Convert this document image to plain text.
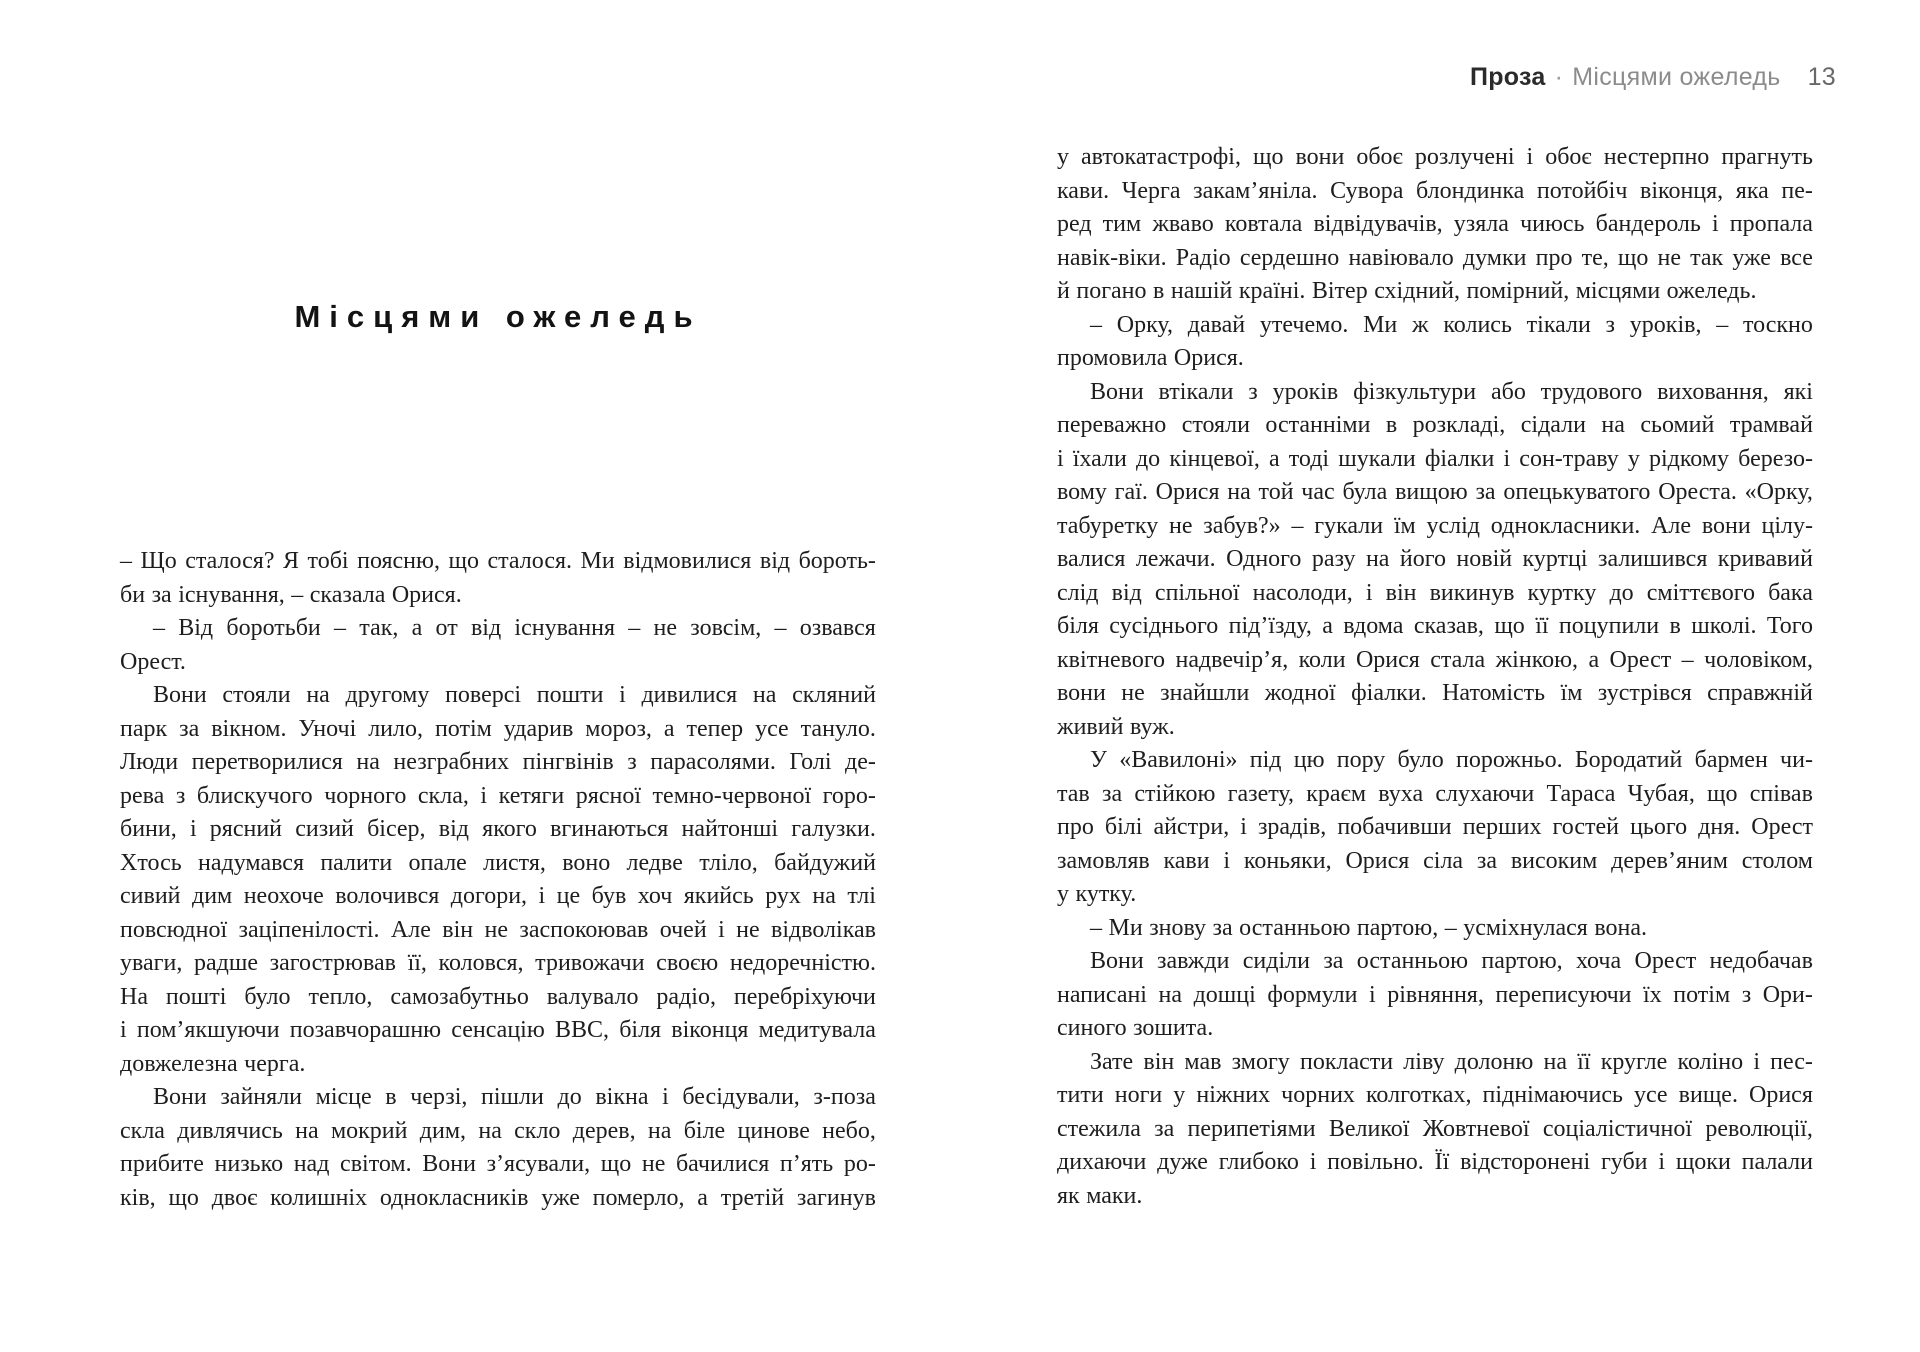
Проза · Місцями ожеледь 13
Місцями ожеледь
– Що сталося? Я тобі поясню, що сталося. Ми відмовилися від бороть-
би за існування, – сказала Орися.
– Від боротьби – так, а от від існування – не зовсім, – озвався
Орест.
Вони стояли на другому поверсі пошти і дивилися на скляний
парк за вікном. Уночі лило, потім ударив мороз, а тепер усе тануло.
Люди перетворилися на незграбних пінгвінів з парасолями. Голі де-
рева з блискучого чорного скла, і кетяги рясної темно-червоної горо-
бини, і рясний сизий бісер, від якого вгинаються найтонші галузки.
Хтось надумався палити опале листя, воно ледве тліло, байдужий
сивий дим неохоче волочився догори, і це був хоч якийсь рух на тлі
повсюдної заціпенілості. Але він не заспокоював очей і не відволікав
уваги, радше загострював її, коловся, тривожачи своєю недоречністю.
На пошті було тепло, самозабутньо валувало радіо, перебріхуючи
і пом’якшуючи позавчорашню сенсацію ВВС, біля віконця медитувала
довжелезна черга.
Вони зайняли місце в черзі, пішли до вікна і бесідували, з-поза
скла дивлячись на мокрий дим, на скло дерев, на біле цинове небо,
прибите низько над світом. Вони з’ясували, що не бачилися п’ять ро-
ків, що двоє колишніх однокласників уже померло, а третій загинув
у автокатастрофі, що вони обоє розлучені і обоє нестерпно прагнуть
кави. Черга закам’яніла. Сувора блондинка потойбіч віконця, яка пе-
ред тим жваво ковтала відвідувачів, узяла чиюсь бандероль і пропала
навік-віки. Радіо сердешно навіювало думки про те, що не так уже все
й погано в нашій країні. Вітер східний, помірний, місцями ожеледь.
– Орку, давай утечемо. Ми ж колись тікали з уроків, – тоскно
промовила Орися.
Вони втікали з уроків фізкультури або трудового виховання, які
переважно стояли останніми в розкладі, сідали на сьомий трамвай
і їхали до кінцевої, а тоді шукали фіалки і сон-траву у рідкому березо-
вому гаї. Орися на той час була вищою за опецькуватого Ореста. «Орку,
табуретку не забув?» – гукали їм услід однокласники. Але вони цілу-
валися лежачи. Одного разу на його новій куртці залишився кривавий
слід від спільної насолоди, і він викинув куртку до сміттєвого бака
біля сусіднього під’їзду, а вдома сказав, що її поцупили в школі. Того
квітневого надвечір’я, коли Орися стала жінкою, а Орест – чоловіком,
вони не знайшли жодної фіалки. Натомість їм зустрівся справжній
живий вуж.
У «Вавилоні» під цю пору було порожньо. Бородатий бармен чи-
тав за стійкою газету, краєм вуха слухаючи Тараса Чубая, що співав
про білі айстри, і зрадів, побачивши перших гостей цього дня. Орест
замовляв кави і коньяки, Орися сіла за високим дерев’яним столом
у кутку.
– Ми знову за останньою партою, – усміхнулася вона.
Вони завжди сиділи за останньою партою, хоча Орест недобачав
написані на дошці формули і рівняння, переписуючи їх потім з Ори-
синого зошита.
Зате він мав змогу покласти ліву долоню на її кругле коліно і пес-
тити ноги у ніжних чорних колготках, піднімаючись усе вище. Орися
стежила за перипетіями Великої Жовтневої соціалістичної революції,
дихаючи дуже глибоко і повільно. Її відсторонені губи і щоки палали
як маки.
